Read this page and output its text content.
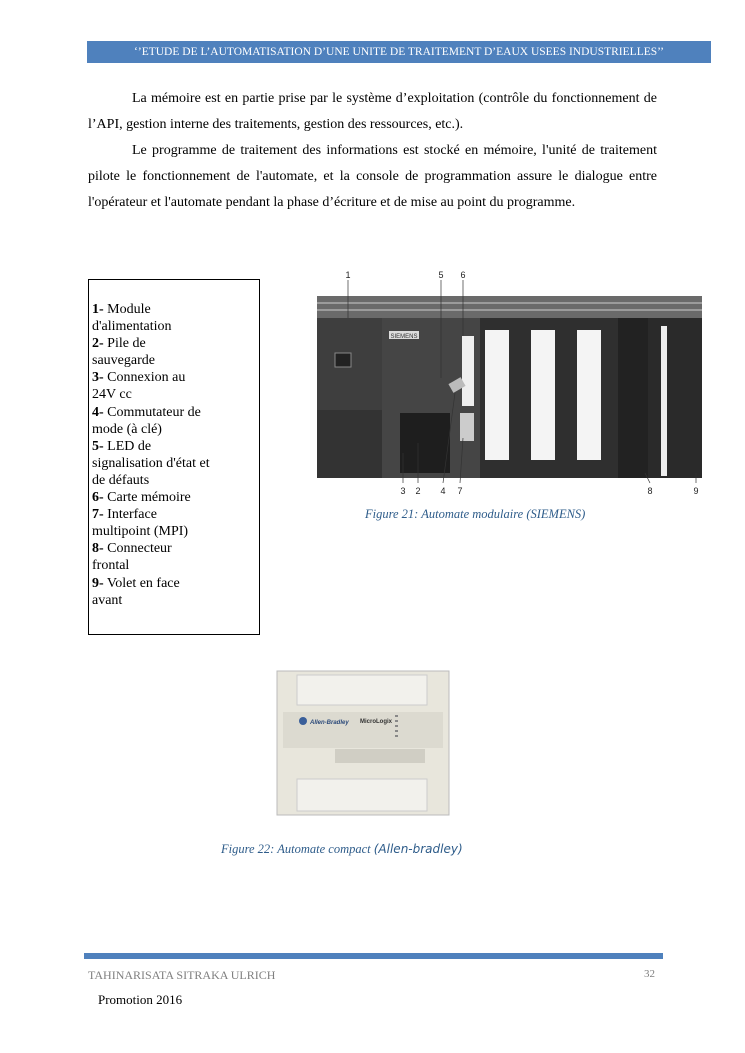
‘’ETUDE DE L’AUTOMATISATION D’UNE UNITE DE TRAITEMENT D’EAUX USEES INDUSTRIELLES’’

La mémoire est en partie prise par le système d’exploitation (contrôle du fonctionnement de l’API, gestion interne des traitements, gestion des ressources, etc.).

Le programme de traitement des informations est stocké en mémoire, l'unité de traitement pilote le fonctionnement de l'automate, et la console de programmation assure le dialogue entre l'opérateur et l'automate pendant la phase d’écriture et de mise au point du programme.

1- Module d'alimentation
2- Pile de sauvegarde
3- Connexion au 24V cc
4- Commutateur de mode (à clé)
5- LED de signalisation d'état et de défauts
6- Carte mémoire
7- Interface multipoint (MPI)
8- Connecteur frontal
9- Volet en face avant
SIEMENS
1	5 6
3 2 4 7	8	9
Figure 21: Automate modulaire (SIEMENS)
Allen-Bradley MicroLogix
Figure 22: Automate compact (Allen-bradley)
TAHINARISATA SITRAKA ULRICH	32
Promotion 2016
